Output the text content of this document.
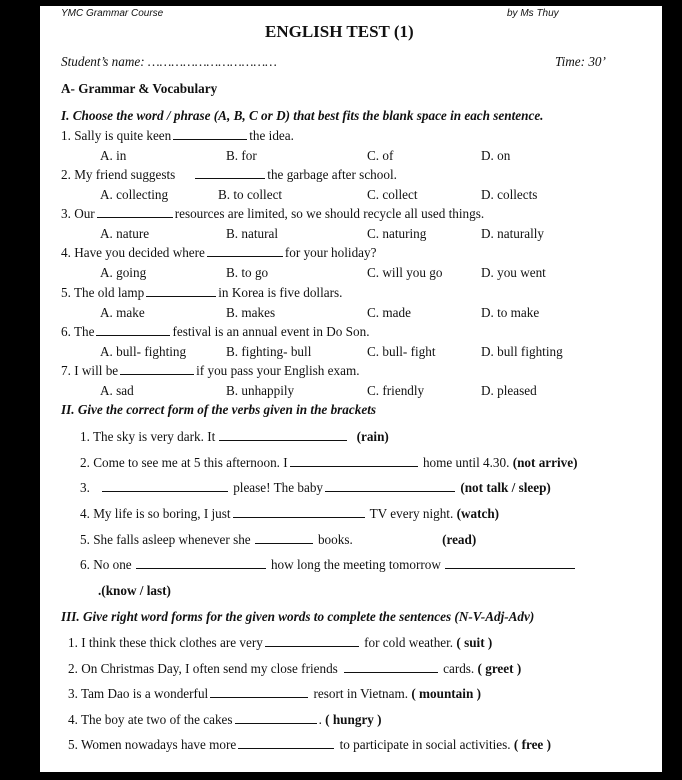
YMC Grammar Course	by Ms Thuy
ENGLISH TEST (1)
Student’s name: ……………………………	Time: 30’
A- Grammar & Vocabulary
I. Choose the word / phrase (A, B, C or D) that best fits the blank space in each sentence.
1. Sally is quite keen	the idea.
A. in	B. for	C. of	D. on
2. My friend suggests	the garbage after school.
A. collecting	B. to collect	C. collect	D. collects
3. Our	resources are limited, so we should recycle all used things.
A. nature	B. natural	C. naturing	D. naturally
4. Have you decided where	for your holiday?
A. going	B. to go	C. will you go	D. you went
5. The old lamp	in Korea is five dollars.
A. make	B. makes	C. made	D. to make
6. The	festival is an annual event in Do Son.
A. bull- fighting	B. fighting- bull	C. bull- fight	D. bull fighting
7. I will be	if you pass your English exam.
A. sad	B. unhappily	C. friendly	D. pleased
II. Give the correct form of the verbs given in the brackets
1. The sky is very dark. It	(rain)
2. Come to see me at 5 this afternoon. I	home until 4.30. (not arrive)
3.	please! The baby	(not talk / sleep)
4. My life is so boring, I just	TV every night. (watch)
5. She falls asleep whenever she	books.	(read)
6. No one	how long the meeting tomorrow
.(know / last)
III. Give right word forms for the given words to complete the sentences (N-V-Adj-Adv)
1. I think these thick clothes are very	for cold weather. ( suit )
2. On Christmas Day, I often send my close friends	cards. ( greet )
3. Tam Dao is a wonderful	resort in Vietnam. ( mountain )
4. The boy ate two of the cakes	. ( hungry )
5. Women nowadays have more	to participate in social activities. ( free )
